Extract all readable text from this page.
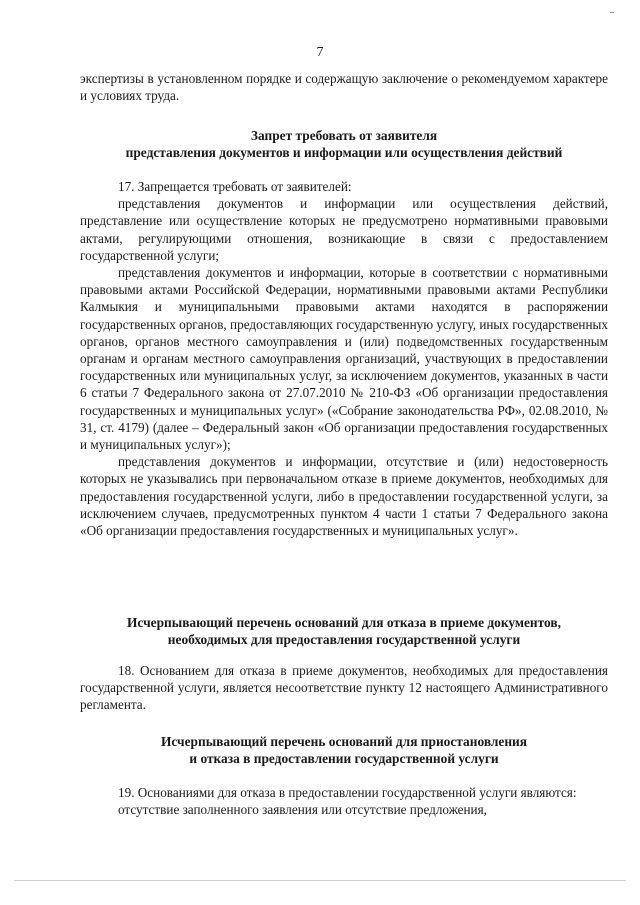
7

экспертизы в установленном порядке и содержащую заключение о рекомендуемом характере и условиях труда.

Запрет требовать от заявителя
представления документов и информации или осуществления действий

17. Запрещается требовать от заявителей:

представления документов и информации или осуществления действий, представление или осуществление которых не предусмотрено нормативными правовыми актами, регулирующими отношения, возникающие в связи с предоставлением государственной услуги;

представления документов и информации, которые в соответствии с нормативными правовыми актами Российской Федерации, нормативными правовыми актами Республики Калмыкия и муниципальными правовыми актами находятся в распоряжении государственных органов, предоставляющих государственную услугу, иных государственных органов, органов местного самоуправления и (или) подведомственных государственным органам и органам местного самоуправления организаций, участвующих в предоставлении государственных или муниципальных услуг, за исключением документов, указанных в части 6 статьи 7 Федерального закона от 27.07.2010 № 210-ФЗ «Об организации предоставления государственных и муниципальных услуг» («Собрание законодательства РФ», 02.08.2010, № 31, ст. 4179) (далее – Федеральный закон «Об организации предоставления государственных и муниципальных услуг»);

представления документов и информации, отсутствие и (или) недостоверность которых не указывались при первоначальном отказе в приеме документов, необходимых для предоставления государственной услуги, либо в предоставлении государственной услуги, за исключением случаев, предусмотренных пунктом 4 части 1 статьи 7 Федерального закона «Об организации предоставления государственных и муниципальных услуг».

Исчерпывающий перечень оснований для отказа в приеме документов,
необходимых для предоставления государственной услуги

18. Основанием для отказа в приеме документов, необходимых для предоставления государственной услуги, является несоответствие пункту 12 настоящего Административного регламента.

Исчерпывающий перечень оснований для приостановления
и отказа в предоставлении государственной услуги

19. Основаниями для отказа в предоставлении государственной услуги являются:

отсутствие заполненного заявления или отсутствие предложения,
